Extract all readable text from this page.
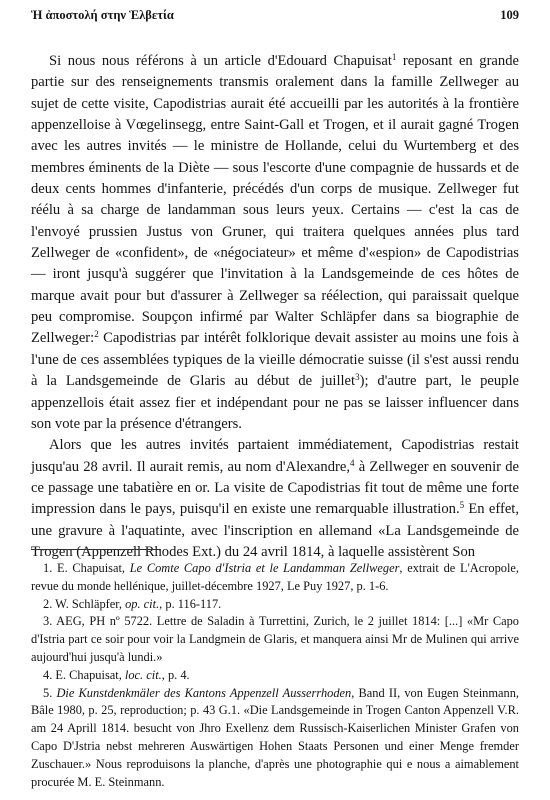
Ἡ ἀποστολή στην Ἑλβετία	109

Si nous nous référons à un article d'Edouard Chapuisat$^1$ reposant en grande partie sur des renseignements transmis oralement dans la famille Zellweger au sujet de cette visite, Capodistrias aurait été accueilli par les autorités à la frontière appenzelloise à Vœgelinsegg, entre Saint-Gall et Trogen, et il aurait gagné Trogen avec les autres invités — le ministre de Hollande, celui du Wurtemberg et des membres éminents de la Diète — sous l'escorte d'une compagnie de hussards et de deux cents hommes d'infanterie, précédés d'un corps de musique. Zellweger fut réélu à sa charge de landamman sous leurs yeux. Certains — c'est la cas de l'envoyé prussien Justus von Gruner, qui traitera quelques années plus tard Zellweger de «confident», de «négociateur» et même d'«espion» de Capodistrias — iront jusqu'à suggérer que l'invitation à la Landsgemeinde de ces hôtes de marque avait pour but d'assurer à Zellweger sa réélection, qui paraissait quelque peu compromise. Soupçon infirmé par Walter Schläpfer dans sa biographie de Zellweger:$^2$ Capodistrias par intérêt folklorique devait assister au moins une fois à l'une de ces assemblées typiques de la vieille démocratie suisse (il s'est aussi rendu à la Landsgemeinde de Glaris au début de juillet$^3$); d'autre part, le peuple appenzellois était assez fier et indépendant pour ne pas se laisser influencer dans son vote par la présence d'étrangers.

Alors que les autres invités partaient immédiatement, Capodistrias restait jusqu'au 28 avril. Il aurait remis, au nom d'Alexandre,$^4$ à Zellweger en souvenir de ce passage une tabatière en or. La visite de Capodistrias fit tout de même une forte impression dans le pays, puisqu'il en existe une remarquable illustration.$^5$ En effet, une gravure à l'aquatinte, avec l'inscription en allemand «La Landsgemeinde de Trogen (Appenzell Rhodes Ext.) du 24 avril 1814, à laquelle assistèrent Son

1. E. Chapuisat, Le Comte Capo d'Istria et le Landamman Zellweger, extrait de L'Acropole, revue du monde hellénique, juillet-décembre 1927, Le Puy 1927, p. 1-6.

2. W. Schläpfer, op. cit., p. 116-117.

3. AEG, PH nº 5722. Lettre de Saladin à Turrettini, Zurich, le 2 juillet 1814: [...] «Mr Capo d'Istria part ce soir pour voir la Landgmein de Glaris, et manquera ainsi Mr de Mulinen qui arrive aujourd'hui jusqu'à lundi.»

4. E. Chapuisat, loc. cit., p. 4.

5. Die Kunstdenkmäler des Kantons Appenzell Ausserrhoden, Band II, von Eugen Steinmann, Bâle 1980, p. 25, reproduction; p. 43 G.1. «Die Landsgemeinde in Trogen Canton Appenzell V.R. am 24 Aprill 1814. besucht von Jhro Exellenz dem Russisch-Kaiserlichen Minister Grafen von Capo D'Jstria nebst mehreren Auswärtigen Hohen Staats Personen und einer Menge fremder Zuschauer.» Nous reproduisons la planche, d'après une photographie qui e nous a aimablement procurée M. E. Steinmann.
